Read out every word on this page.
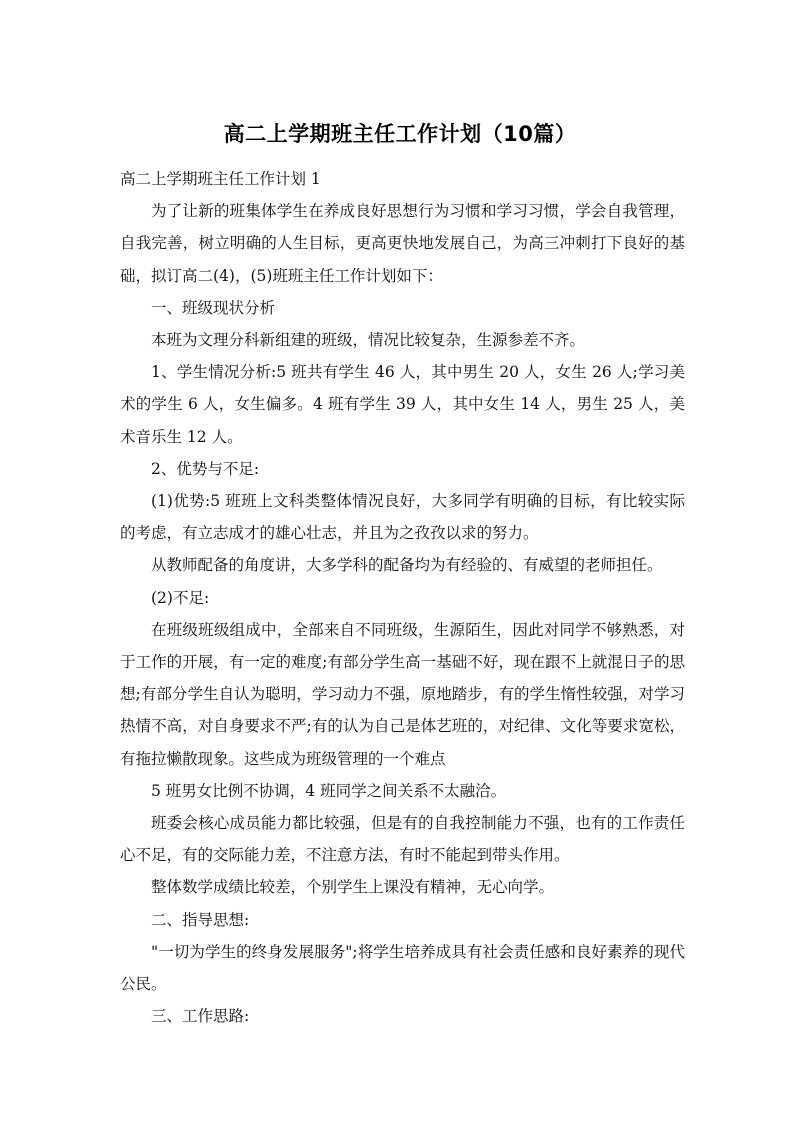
高二上学期班主任工作计划（10篇）

高二上学期班主任工作计划 1

为了让新的班集体学生在养成良好思想行为习惯和学习习惯，学会自我管理，自我完善，树立明确的人生目标，更高更快地发展自己，为高三冲刺打下良好的基础，拟订高二(4)，(5)班班主任工作计划如下：

一、班级现状分析

本班为文理分科新组建的班级，情况比较复杂，生源参差不齐。

1、学生情况分析:5 班共有学生 46 人，其中男生 20 人，女生 26 人;学习美术的学生 6 人，女生偏多。4 班有学生 39 人，其中女生 14 人，男生 25 人，美术音乐生 12 人。

2、优势与不足:

(1)优势:5 班班上文科类整体情况良好，大多同学有明确的目标，有比较实际的考虑，有立志成才的雄心壮志，并且为之孜孜以求的努力。

从教师配备的角度讲，大多学科的配备均为有经验的、有威望的老师担任。

(2)不足:

在班级班级组成中，全部来自不同班级，生源陌生，因此对同学不够熟悉，对于工作的开展，有一定的难度;有部分学生高一基础不好，现在跟不上就混日子的思想;有部分学生自认为聪明，学习动力不强，原地踏步，有的学生惰性较强，对学习热情不高，对自身要求不严;有的认为自己是体艺班的，对纪律、文化等要求宽松，有拖拉懒散现象。这些成为班级管理的一个难点

5 班男女比例不协调，4 班同学之间关系不太融洽。

班委会核心成员能力都比较强，但是有的自我控制能力不强，也有的工作责任心不足，有的交际能力差，不注意方法，有时不能起到带头作用。

整体数学成绩比较差，个别学生上课没有精神，无心向学。

二、指导思想:

"一切为学生的终身发展服务";将学生培养成具有社会责任感和良好素养的现代公民。

三、工作思路:
